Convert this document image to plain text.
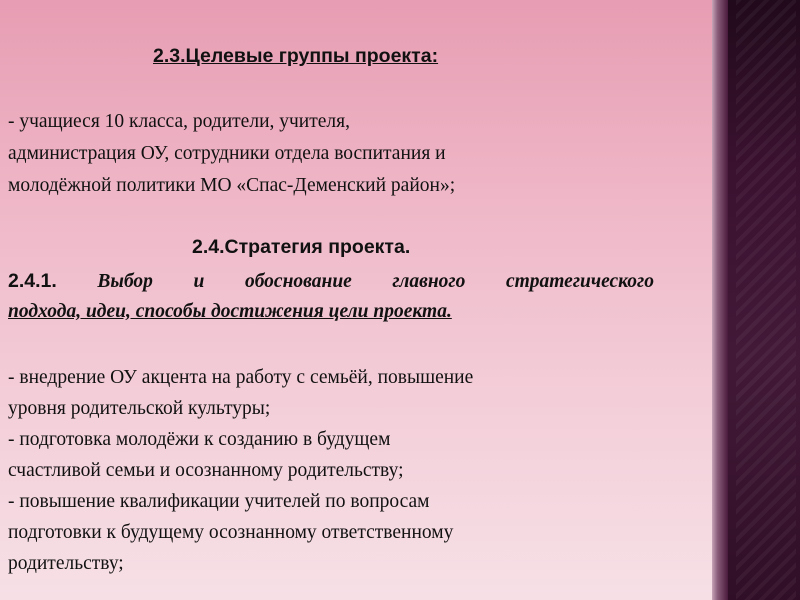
2.3.Целевые группы проекта:
- учащиеся 10 класса, родители, учителя,
администрация ОУ, сотрудники отдела воспитания и
молодёжной политики МО «Спас-Деменский район»;
2.4.Стратегия проекта.
2.4.1. Выбор и обоснование главного стратегического
подхода, идеи, способы достижения цели проекта.
- внедрение ОУ акцента на работу с семьёй, повышение
уровня родительской культуры;
- подготовка молодёжи к созданию в будущем
счастливой семьи и осознанному родительству;
- повышение квалификации учителей по вопросам
подготовки к будущему осознанному ответственному
родительству;
